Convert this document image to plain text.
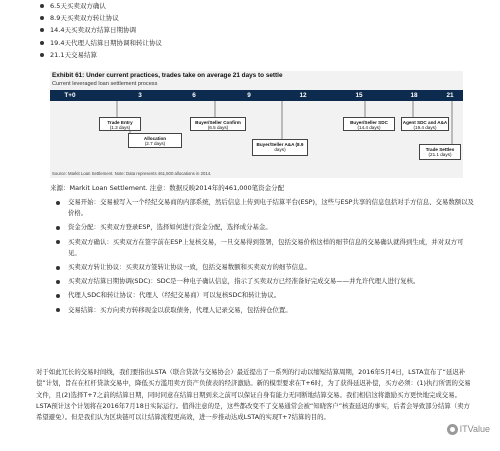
6.5天买卖双方确认
8.9天买卖双方转让协议
14.4天买卖双方结算日期协调
19.4天代理人结算日期协调和转让协议
21.1天交易结算
Exhibit 61: Under current practices, trades take on average 21 days to settle
Current leveraged loan settlement process
T+0	3	6	9	12	15	18	21
Trade Entry
(1.3 days)
Buyer/Seller Confirm
(6.5 days)
Buyer/Seller SDC
(14.4 days)
Agent SDC and A&A
(19.4 days)
Allocation
(2.7 days)	Buyer/Seller A&A (8.9
days)	Trade Settles
(21.1 days)
Source: Markit Loan Settlement. Note: Data represents 461,500 allocations in 2014.
来源：Markit Loan Settlement. 注意：数据反映2014年的461,000笔资金分配
交易开始：交易被写入一个经纪交易商的内部系统，然后信息上传到电子结算平台(ESP)，这些与ESP共享的信息包括对手方信息、交易数额以及价格。
资金分配：买卖双方登录ESP，选择如何进行资金分配，选择成分基金。
买卖双方确认：买卖双方在签字前在ESP上复核交易，一旦交易得到签署，包括交易价格这样的细节信息的交易确认就得到生成，并对双方可见。
买卖双方转让协议：买卖双方签转让协议一致，包括交易数额和买卖双方的细节信息。
买卖双方结算日期协调(SDC)：SDC是一种电子确认信息，指示了买卖双方已经准备好完成交易——并允许代理人进行复核。
代理人SDC和转让协议：代理人（经纪交易商）可以复核SDC和转让协议。
交易结算：买方向卖方转移现金以获取债务，代理人记录交易，包括持仓位置。
对于如此冗长的交易时间线，我们要指出LSTA（联合贷款与交易协会）最近提出了一系列的行动以缩短结算周期，2016年5月4日，LSTA宣布了“延迟补偿”计划，旨在在杠杆贷款交易中，降低买方滥用卖方资产负债表的经济激励。新的模型要求在T+6时，为了获得延迟补偿，买方必须：(1)执行所需的交易文件，且(2)选择T+7之前的结算日期，同时同意在结算日期到来之前可以保证自身有能力无同断地结算交易。我们相信这将激励买方更快地完成交易。LSTA预计这个计划将在2016年7月18日实际运行。值得注意的是，这些都改变不了交易通常会被“知晓客户”核查延迟的事实，后者会导致部分结算（卖方希望避免）。但是我们认为区块链可以让结算流程更高效，进一步推动达成LSTA的实现T+7结算的目的。
ITValue
